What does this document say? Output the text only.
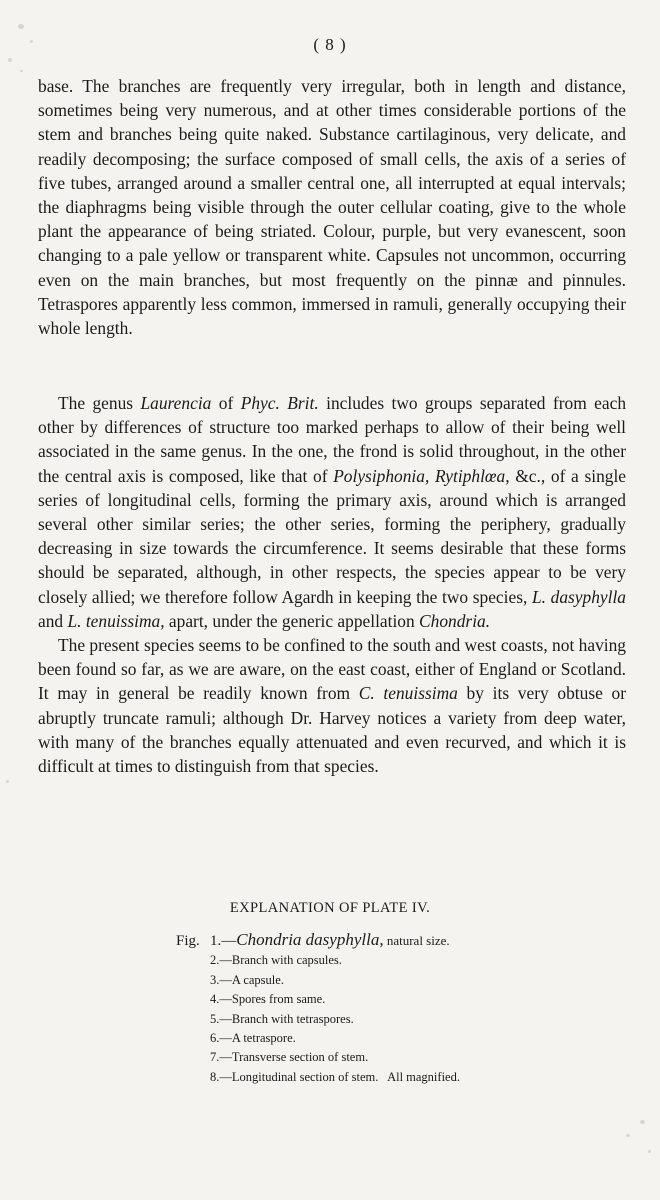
( 8 )

base. The branches are frequently very irregular, both in length and distance, sometimes being very numerous, and at other times considerable portions of the stem and branches being quite naked. Substance cartilaginous, very delicate, and readily decomposing; the surface composed of small cells, the axis of a series of five tubes, arranged around a smaller central one, all interrupted at equal intervals; the diaphragms being visible through the outer cellular coating, give to the whole plant the appearance of being striated. Colour, purple, but very evanescent, soon changing to a pale yellow or transparent white. Capsules not uncommon, occurring even on the main branches, but most frequently on the pinnæ and pinnules. Tetraspores apparently less common, immersed in ramuli, generally occupying their whole length.

The genus Laurencia of Phyc. Brit. includes two groups separated from each other by differences of structure too marked perhaps to allow of their being well associated in the same genus. In the one, the frond is solid throughout, in the other the central axis is composed, like that of Polysiphonia, Rytiphlœa, &c., of a single series of longitudinal cells, forming the primary axis, around which is arranged several other similar series; the other series, forming the periphery, gradually decreasing in size towards the circumference. It seems desirable that these forms should be separated, although, in other respects, the species appear to be very closely allied; we therefore follow Agardh in keeping the two species, L. dasyphylla and L. tenuissima, apart, under the generic appellation Chondria.

The present species seems to be confined to the south and west coasts, not having been found so far, as we are aware, on the east coast, either of England or Scotland. It may in general be readily known from C. tenuissima by its very obtuse or abruptly truncate ramuli; although Dr. Harvey notices a variety from deep water, with many of the branches equally attenuated and even recurved, and which it is difficult at times to distinguish from that species.

EXPLANATION OF PLATE IV.
Fig. 1.—Chondria dasyphylla, natural size.
2.—Branch with capsules.
3.—A capsule.
4.—Spores from same.
5.—Branch with tetraspores.
6.—A tetraspore.
7.—Transverse section of stem.
8.—Longitudinal section of stem.   All magnified.
